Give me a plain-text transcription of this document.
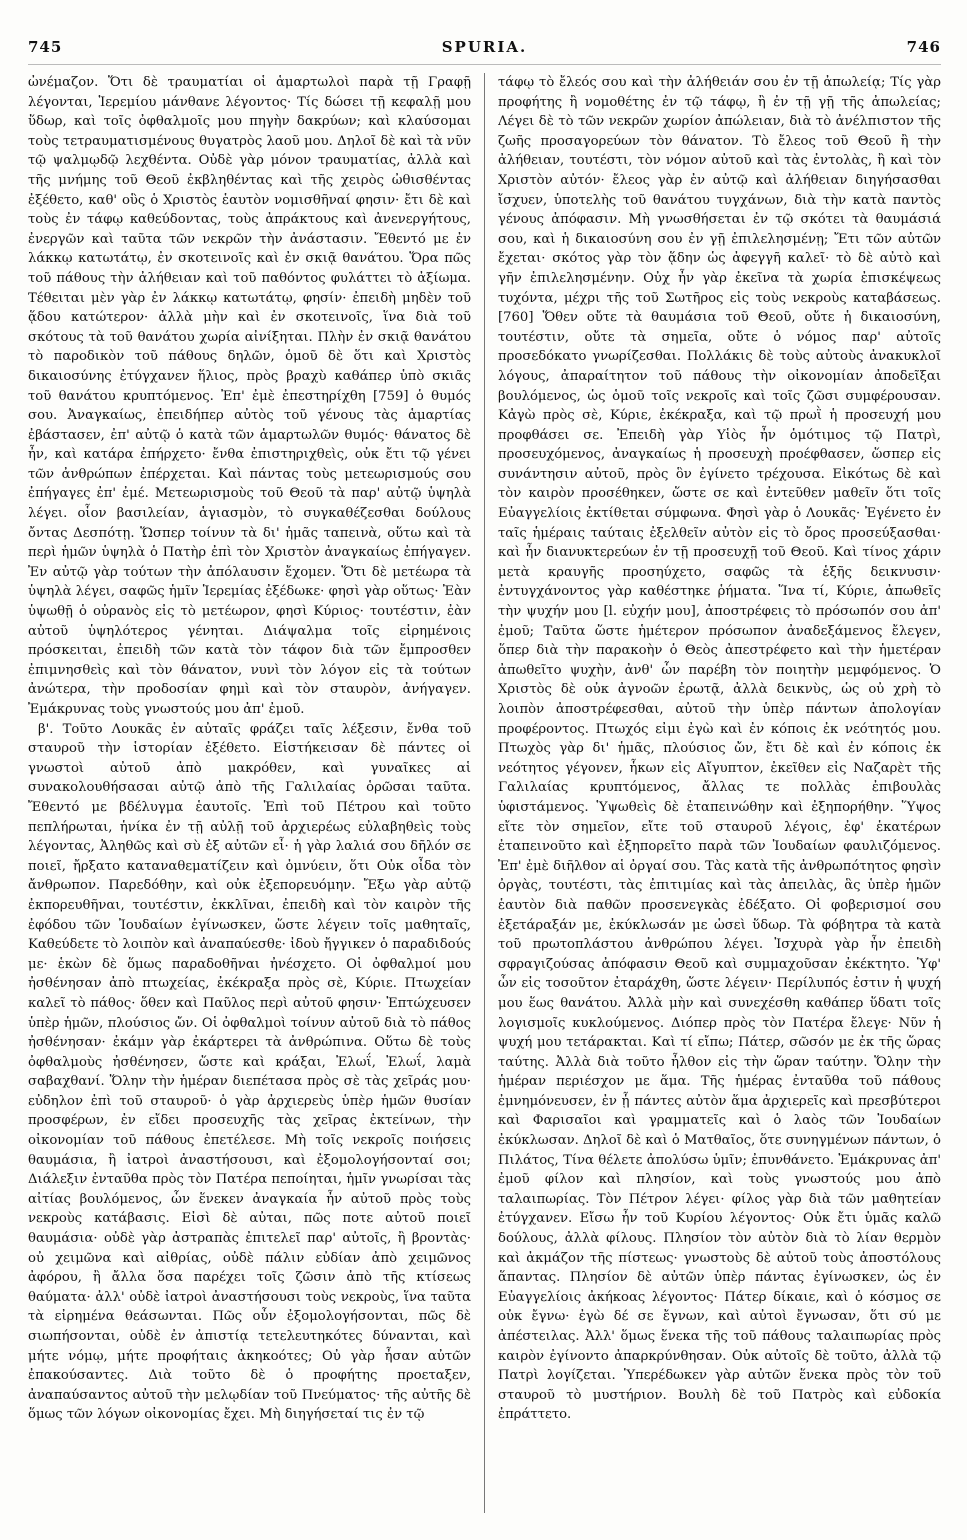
745	SPURIA.	746

ὠνέμαζον. Ὅτι δὲ τραυματίαι οἱ ἁμαρτωλοὶ παρὰ τῇ Γραφῇ λέγονται, Ἱερεμίου μάνθανε λέγοντος· Τίς δώσει τῇ κεφαλῇ μου ὕδωρ, καὶ τοῖς ὀφθαλμοῖς μου πηγὴν δακρύων; καὶ κλαύσομαι τοὺς τετραυματισμένους θυγατρὸς λαοῦ μου. Δηλοῖ δὲ καὶ τὰ νῦν τῷ ψαλμῳδῷ λεχθέντα. Οὐδὲ γὰρ μόνον τραυματίας, ἀλλὰ καὶ τῆς μνήμης τοῦ Θεοῦ ἐκβληθέντας καὶ τῆς χειρὸς ὠθισθέντας ἐξέθετο, καθ' οὓς ὁ Χριστὸς ἑαυτὸν νομισθῆναί φησιν· ἔτι δὲ καὶ τοὺς ἐν τάφῳ καθεύδοντας, τοὺς ἀπράκτους καὶ ἀνενεργήτους, ἐνεργῶν καὶ ταῦτα τῶν νεκρῶν τὴν ἀνάστασιν. Ἔθεντό με ἐν λάκκῳ κατωτάτῳ, ἐν σκοτεινοῖς καὶ ἐν σκιᾷ θανάτου. Ὅρα πῶς τοῦ πάθους τὴν ἀλήθειαν καὶ τοῦ παθόντος φυλάττει τὸ ἀξίωμα. Τέθειται μὲν γὰρ ἐν λάκκῳ κατωτάτῳ, φησίν· ἐπειδὴ μηδὲν τοῦ ᾅδου κατώτερον· ἀλλὰ μὴν καὶ ἐν σκοτεινοῖς, ἵνα διὰ τοῦ σκότους τὰ τοῦ θανάτου χωρία αἰνίξηται. Πλὴν ἐν σκιᾷ θανάτου τὸ παροδικὸν τοῦ πάθους δηλῶν, ὁμοῦ δὲ ὅτι καὶ Χριστὸς δικαιοσύνης ἐτύγχανεν ἥλιος, πρὸς βραχὺ καθάπερ ὑπὸ σκιᾶς τοῦ θανάτου κρυπτόμενος. Ἐπ' ἐμὲ ἐπεστηρίχθη [759] ὁ θυμός σου. Ἀναγκαίως, ἐπειδήπερ αὐτὸς τοῦ γένους τὰς ἁμαρτίας ἐβάστασεν, ἐπ' αὐτῷ ὁ κατὰ τῶν ἁμαρτωλῶν θυμός· θάνατος δὲ ἦν, καὶ κατάρα ἐπήρχετο· ἔνθα ἐπιστηριχθεὶς, οὐκ ἔτι τῷ γένει τῶν ἀνθρώπων ἐπέρχεται. Καὶ πάντας τοὺς μετεωρισμούς σου ἐπήγαγες ἐπ' ἐμέ. Μετεωρισμοὺς τοῦ Θεοῦ τὰ παρ' αὐτῷ ὑψηλὰ λέγει. οἷον βασιλείαν, ἁγιασμὸν, τὸ συγκαθέζεσθαι δούλους ὄντας Δεσπότῃ. Ὥσπερ τοίνυν τὰ δι' ἡμᾶς ταπεινὰ, οὕτω καὶ τὰ περὶ ἡμῶν ὑψηλὰ ὁ Πατὴρ ἐπὶ τὸν Χριστὸν ἀναγκαίως ἐπήγαγεν. Ἐν αὐτῷ γὰρ τούτων τὴν ἀπόλαυσιν ἔχομεν. Ὅτι δὲ μετέωρα τὰ ὑψηλὰ λέγει, σαφῶς ἡμῖν Ἱερεμίας ἐξέδωκε· φησὶ γὰρ οὕτως· Ἐὰν ὑψωθῇ ὁ οὐρανὸς εἰς τὸ μετέωρον, φησὶ Κύριος· τουτέστιν, ἐὰν αὐτοῦ ὑψηλότερος γένηται. Διάψαλμα τοῖς εἰρημένοις πρόσκειται, ἐπειδὴ τῶν κατὰ τὸν τάφον διὰ τῶν ἔμπροσθεν ἐπιμνησθεὶς καὶ τὸν θάνατον, νυνὶ τὸν λόγον εἰς τὰ τούτων ἀνώτερα, τὴν προδοσίαν φημὶ καὶ τὸν σταυρὸν, ἀνήγαγεν. Ἐμάκρυνας τοὺς γνωστούς μου ἀπ' ἐμοῦ.

β'. Τοῦτο Λουκᾶς ἐν αὐταῖς φράζει ταῖς λέξεσιν, ἔνθα τοῦ σταυροῦ τὴν ἱστορίαν ἐξέθετο. Εἱστήκεισαν δὲ πάντες οἱ γνωστοὶ αὐτοῦ ἀπὸ μακρόθεν, καὶ γυναῖκες αἱ συνακολουθήσασαι αὐτῷ ἀπὸ τῆς Γαλιλαίας ὁρῶσαι ταῦτα. Ἔθεντό με βδέλυγμα ἑαυτοῖς. Ἐπὶ τοῦ Πέτρου καὶ τοῦτο πεπλήρωται, ἡνίκα ἐν τῇ αὐλῇ τοῦ ἀρχιερέως εὐλαβηθεὶς τοὺς λέγοντας, Ἀληθῶς καὶ σὺ ἐξ αὐτῶν εἶ· ἡ γὰρ λαλιά σου δῆλόν σε ποιεῖ, ἤρξατο καταναθεματίζειν καὶ ὀμνύειν, ὅτι Οὐκ οἶδα τὸν ἄνθρωπον. Παρεδόθην, καὶ οὐκ ἐξεπορευόμην. Ἔξω γὰρ αὐτῷ ἐκπορευθῆναι, τουτέστιν, ἐκκλῖναι, ἐπειδὴ καὶ τὸν καιρὸν τῆς ἐφόδου τῶν Ἰουδαίων ἐγίνωσκεν, ὥστε λέγειν τοῖς μαθηταῖς, Καθεύδετε τὸ λοιπὸν καὶ ἀναπαύεσθε· ἰδοὺ ἤγγικεν ὁ παραδιδούς με· ἑκὼν δὲ ὅμως παραδοθῆναι ἠνέσχετο. Οἱ ὀφθαλμοί μου ἠσθένησαν ἀπὸ πτωχείας, ἐκέκραξα πρὸς σὲ, Κύριε. Πτωχείαν καλεῖ τὸ πάθος· ὅθεν καὶ Παῦλος περὶ αὐτοῦ φησιν· Ἐπτώχευσεν ὑπὲρ ἡμῶν, πλούσιος ὤν. Οἱ ὀφθαλμοὶ τοίνυν αὐτοῦ διὰ τὸ πάθος ἠσθένησαν· ἐκάμν γὰρ ἐκάρτερει τὰ ἀνθρώπινα. Οὕτω δὲ τοὺς ὀφθαλμοὺς ἠσθένησεν, ὥστε καὶ κράξαι, Ἐλωΐ, Ἐλωΐ, λαμὰ σαβαχθανί. Ὅλην τὴν ἡμέραν διεπέτασα πρὸς σὲ τὰς χεῖράς μου· εὐδηλον ἐπὶ τοῦ σταυροῦ· ὁ γὰρ ἀρχιερεὺς ὑπὲρ ἡμῶν θυσίαν προσφέρων, ἐν εἴδει προσευχῆς τὰς χεῖρας ἐκτείνων, τὴν οἰκονομίαν τοῦ πάθους ἐπετέλεσε. Μὴ τοῖς νεκροῖς ποιήσεις θαυμάσια, ἢ ἰατροὶ ἀναστήσουσι, καὶ ἐξομολογήσονταί σοι; Διάλεξιν ἐνταῦθα πρὸς τὸν Πατέρα πεποίηται, ἡμῖν γνωρίσαι τὰς αἰτίας βουλόμενος, ὧν ἕνεκεν ἀναγκαία ἦν αὐτοῦ πρὸς τοὺς νεκροὺς κατάβασις. Εἰσὶ δὲ αὐται, πῶς ποτε αὐτοῦ ποιεῖ θαυμάσια· οὐδὲ γὰρ ἀστραπὰς ἐπιτελεῖ παρ' αὐτοῖς, ἢ βροντὰς· οὐ χειμῶνα καὶ αἰθρίας, οὐδὲ πάλιν εὐδίαν ἀπὸ χειμῶνος ἀφόρου, ἢ ἄλλα ὅσα παρέχει τοῖς ζῶσιν ἀπὸ τῆς κτίσεως θαύματα· ἀλλ' οὐδὲ ἰατροὶ ἀναστήσουσι τοὺς νεκροὺς, ἵνα ταῦτα τὰ εἰρημένα θεάσωνται. Πῶς οὖν ἐξομολογήσονται, πῶς δὲ σιωπήσονται, οὐδὲ ἐν ἀπιστίᾳ τετελευτηκότες δύνανται, καὶ μήτε νόμῳ, μήτε προφήταις ἀκηκοότες; Οὐ γὰρ ἦσαν αὐτῶν ἐπακούσαντες. Διὰ τοῦτο δὲ ὁ προφήτης προεταξεν, ἀναπαύσαντος αὐτοῦ τὴν μελῳδίαν τοῦ Πνεύματος· τῆς αὐτῆς δὲ ὅμως τῶν λόγων οἰκονομίας ἔχει. Μὴ διηγήσεταί τις ἐν τῷ

τάφῳ τὸ ἔλεός σου καὶ τὴν ἀλήθειάν σου ἐν τῇ ἀπωλείᾳ; Τίς γὰρ προφήτης ἢ νομοθέτης ἐν τῷ τάφῳ, ἢ ἐν τῇ γῇ τῆς ἀπωλείας; Λέγει δὲ τὸ τῶν νεκρῶν χωρίον ἀπώλειαν, διὰ τὸ ἀνέλπιστον τῆς ζωῆς προσαγορεύων τὸν θάνατον. Τὸ ἔλεος τοῦ Θεοῦ ἢ τὴν ἀλήθειαν, τουτέστι, τὸν νόμον αὐτοῦ καὶ τὰς ἐντολὰς, ἢ καὶ τὸν Χριστὸν αὐτόν· ἔλεος γὰρ ἐν αὐτῷ καὶ ἀλήθειαν διηγήσασθαι ἴσχυεν, ὑποτελὴς τοῦ θανάτου τυγχάνων, διὰ τὴν κατὰ παντὸς γένους ἀπόφασιν. Μὴ γνωσθήσεται ἐν τῷ σκότει τὰ θαυμάσιά σου, καὶ ἡ δικαιοσύνη σου ἐν γῇ ἐπιλελησμένῃ; Ἔτι τῶν αὐτῶν ἔχεται· σκότος γὰρ τὸν ᾅδην ὡς ἀφεγγῆ καλεῖ· τὸ δὲ αὐτὸ καὶ γῆν ἐπιλελησμένην. Οὐχ ἦν γὰρ ἐκεῖνα τὰ χωρία ἐπισκέψεως τυχόντα, μέχρι τῆς τοῦ Σωτῆρος εἰς τοὺς νεκροὺς καταβάσεως. [760] Ὅθεν οὔτε τὰ θαυμάσια τοῦ Θεοῦ, οὔτε ἡ δικαιοσύνη, τουτέστιν, οὔτε τὰ σημεῖα, οὔτε ὁ νόμος παρ' αὐτοῖς προσεδόκατο γνωρίζεσθαι. Πολλάκις δὲ τοὺς αὐτοὺς ἀνακυκλοῖ λόγους, ἀπαραίτητον τοῦ πάθους τὴν οἰκονομίαν ἀποδεῖξαι βουλόμενος, ὡς ὁμοῦ τοῖς νεκροῖς καὶ τοῖς ζῶσι συμφέρουσαν. Κἀγὼ πρὸς σὲ, Κύριε, ἐκέκραξα, καὶ τῷ πρωῒ ἡ προσευχή μου προφθάσει σε. Ἐπειδὴ γὰρ Υἱὸς ἦν ὁμότιμος τῷ Πατρὶ, προσευχόμενος, ἀναγκαίως ἡ προσευχὴ προέφθασεν, ὥσπερ εἰς συνάντησιν αὐτοῦ, πρὸς ὃν ἐγίνετο τρέχουσα. Εἰκότως δὲ καὶ τὸν καιρὸν προσέθηκεν, ὥστε σε καὶ ἐντεῦθεν μαθεῖν ὅτι τοῖς Εὐαγγελίοις ἐκτίθεται σύμφωνα. Φησὶ γὰρ ὁ Λουκᾶς· Ἐγένετο ἐν ταῖς ἡμέραις ταύταις ἐξελθεῖν αὐτὸν εἰς τὸ ὄρος προσεύξασθαι· καὶ ἦν διανυκτερεύων ἐν τῇ προσευχῇ τοῦ Θεοῦ. Καὶ τίνος χάριν μετὰ κραυγῆς προσηύχετο, σαφῶς τὰ ἑξῆς δεικνυσιν· ἐντυγχάνοντος γὰρ καθέστηκε ῥήματα. Ἵνα τί, Κύριε, ἀπωθεῖς τὴν ψυχήν μου [l. εὐχήν μου], ἀποστρέφεις τὸ πρόσωπόν σου ἀπ' ἐμοῦ; Ταῦτα ὥστε ἡμέτερον πρόσωπον ἀναδεξάμενος ἔλεγεν, ὅπερ διὰ τὴν παρακοὴν ὁ Θεὸς ἀπεστρέφετο καὶ τὴν ἡμετέραν ἀπωθεῖτο ψυχὴν, ἀνθ' ὧν παρέβη τὸν ποιητὴν μεμφόμενος. Ὁ Χριστὸς δὲ οὐκ ἀγνοῶν ἐρωτᾷ, ἀλλὰ δεικνὺς, ὡς οὐ χρὴ τὸ λοιπὸν ἀποστρέφεσθαι, αὐτοῦ τὴν ὑπὲρ πάντων ἀπολογίαν προφέροντος. Πτωχός εἰμι ἐγὼ καὶ ἐν κόποις ἐκ νεότητός μου. Πτωχὸς γὰρ δι' ἡμᾶς, πλούσιος ὤν, ἔτι δὲ καὶ ἐν κόποις ἐκ νεότητος γέγονεν, ἧκων εἰς Αἴγυπτον, ἐκεῖθεν εἰς Ναζαρὲτ τῆς Γαλιλαίας κρυπτόμενος, ἄλλας τε πολλὰς ἐπιβουλὰς ὑφιστάμενος. Ὑψωθεὶς δὲ ἐταπεινώθην καὶ ἐξηπορήθην. Ὕψος εἴτε τὸν σημεῖον, εἴτε τοῦ σταυροῦ λέγοις, ἐφ' ἑκατέρων ἐταπεινοῦτο καὶ ἐξηπορεῖτο παρὰ τῶν Ἰουδαίων φαυλιζόμενος. Ἐπ' ἐμὲ διῆλθον αἱ ὀργαί σου. Τὰς κατὰ τῆς ἀνθρωπότητος φησὶν ὀργὰς, τουτέστι, τὰς ἐπιτιμίας καὶ τὰς ἀπειλὰς, ἃς ὑπὲρ ἡμῶν ἑαυτὸν διὰ παθῶν προσενεγκὰς ἐδέξατο. Οἱ φοβερισμοί σου ἐξετάραξάν με, ἐκύκλωσάν με ὡσεὶ ὕδωρ. Τὰ φόβητρα τὰ κατὰ τοῦ πρωτοπλάστου ἀνθρώπου λέγει. Ἰσχυρὰ γὰρ ἦν ἐπειδὴ σφραγιζούσας ἀπόφασιν Θεοῦ καὶ συμμαχοῦσαν ἐκέκτητο. Ὑφ' ὧν εἰς τοσοῦτον ἐταράχθη, ὥστε λέγειν· Περίλυπός ἐστιν ἡ ψυχή μου ἕως θανάτου. Ἀλλὰ μὴν καὶ συνεχέσθη καθάπερ ὕδατι τοῖς λογισμοῖς κυκλούμενος. Διόπερ πρὸς τὸν Πατέρα ἔλεγε· Νῦν ἡ ψυχή μου τετάρακται. Καὶ τί εἴπω; Πάτερ, σῶσόν με ἐκ τῆς ὥρας ταύτης. Ἀλλὰ διὰ τοῦτο ἦλθον εἰς τὴν ὥραν ταύτην. Ὅλην τὴν ἡμέραν περιέσχον με ἅμα. Τῆς ἡμέρας ἐνταῦθα τοῦ πάθους ἐμνημόνευσεν, ἐν ᾗ πάντες αὐτὸν ἅμα ἀρχιερεῖς καὶ πρεσβύτεροι καὶ Φαρισαῖοι καὶ γραμματεῖς καὶ ὁ λαὸς τῶν Ἰουδαίων ἐκύκλωσαν. Δηλοῖ δὲ καὶ ὁ Ματθαῖος, ὅτε συνηγμένων πάντων, ὁ Πιλάτος, Τίνα θέλετε ἀπολύσω ὑμῖν; ἐπυνθάνετο. Ἐμάκρυνας ἀπ' ἐμοῦ φίλον καὶ πλησίον, καὶ τοὺς γνωστούς μου ἀπὸ ταλαιπωρίας. Τὸν Πέτρον λέγει· φίλος γὰρ διὰ τῶν μαθητείαν ἐτύγχανεν. Εἴσω ἦν τοῦ Κυρίου λέγοντος· Οὐκ ἔτι ὑμᾶς καλῶ δούλους, ἀλλὰ φίλους. Πλησίον τὸν αὐτὸν διὰ τὸ λίαν θερμὸν καὶ ἀκμάζον τῆς πίστεως· γνωστοὺς δὲ αὐτοῦ τοὺς ἀποστόλους ἅπαντας. Πλησίον δὲ αὐτῶν ὑπὲρ πάντας ἐγίνωσκεν, ὡς ἐν Εὐαγγελίοις ἀκήκοας λέγοντος· Πάτερ δίκαιε, καὶ ὁ κόσμος σε οὐκ ἔγνω· ἐγὼ δέ σε ἔγνων, καὶ αὐτοὶ ἔγνωσαν, ὅτι σύ με ἀπέστειλας. Ἀλλ' ὅμως ἕνεκα τῆς τοῦ πάθους ταλαιπωρίας πρὸς καιρὸν ἐγίνοντο ἀπαρκρύνθησαν. Οὐκ αὐτοῖς δὲ τοῦτο, ἀλλὰ τῷ Πατρὶ λογίζεται. Ὑπερέδωκεν γὰρ αὐτῶν ἕνεκα πρὸς τὸν τοῦ σταυροῦ τὸ μυστήριον. Βουλὴ δὲ τοῦ Πατρὸς καὶ εὐδοκία ἐπράττετο.
